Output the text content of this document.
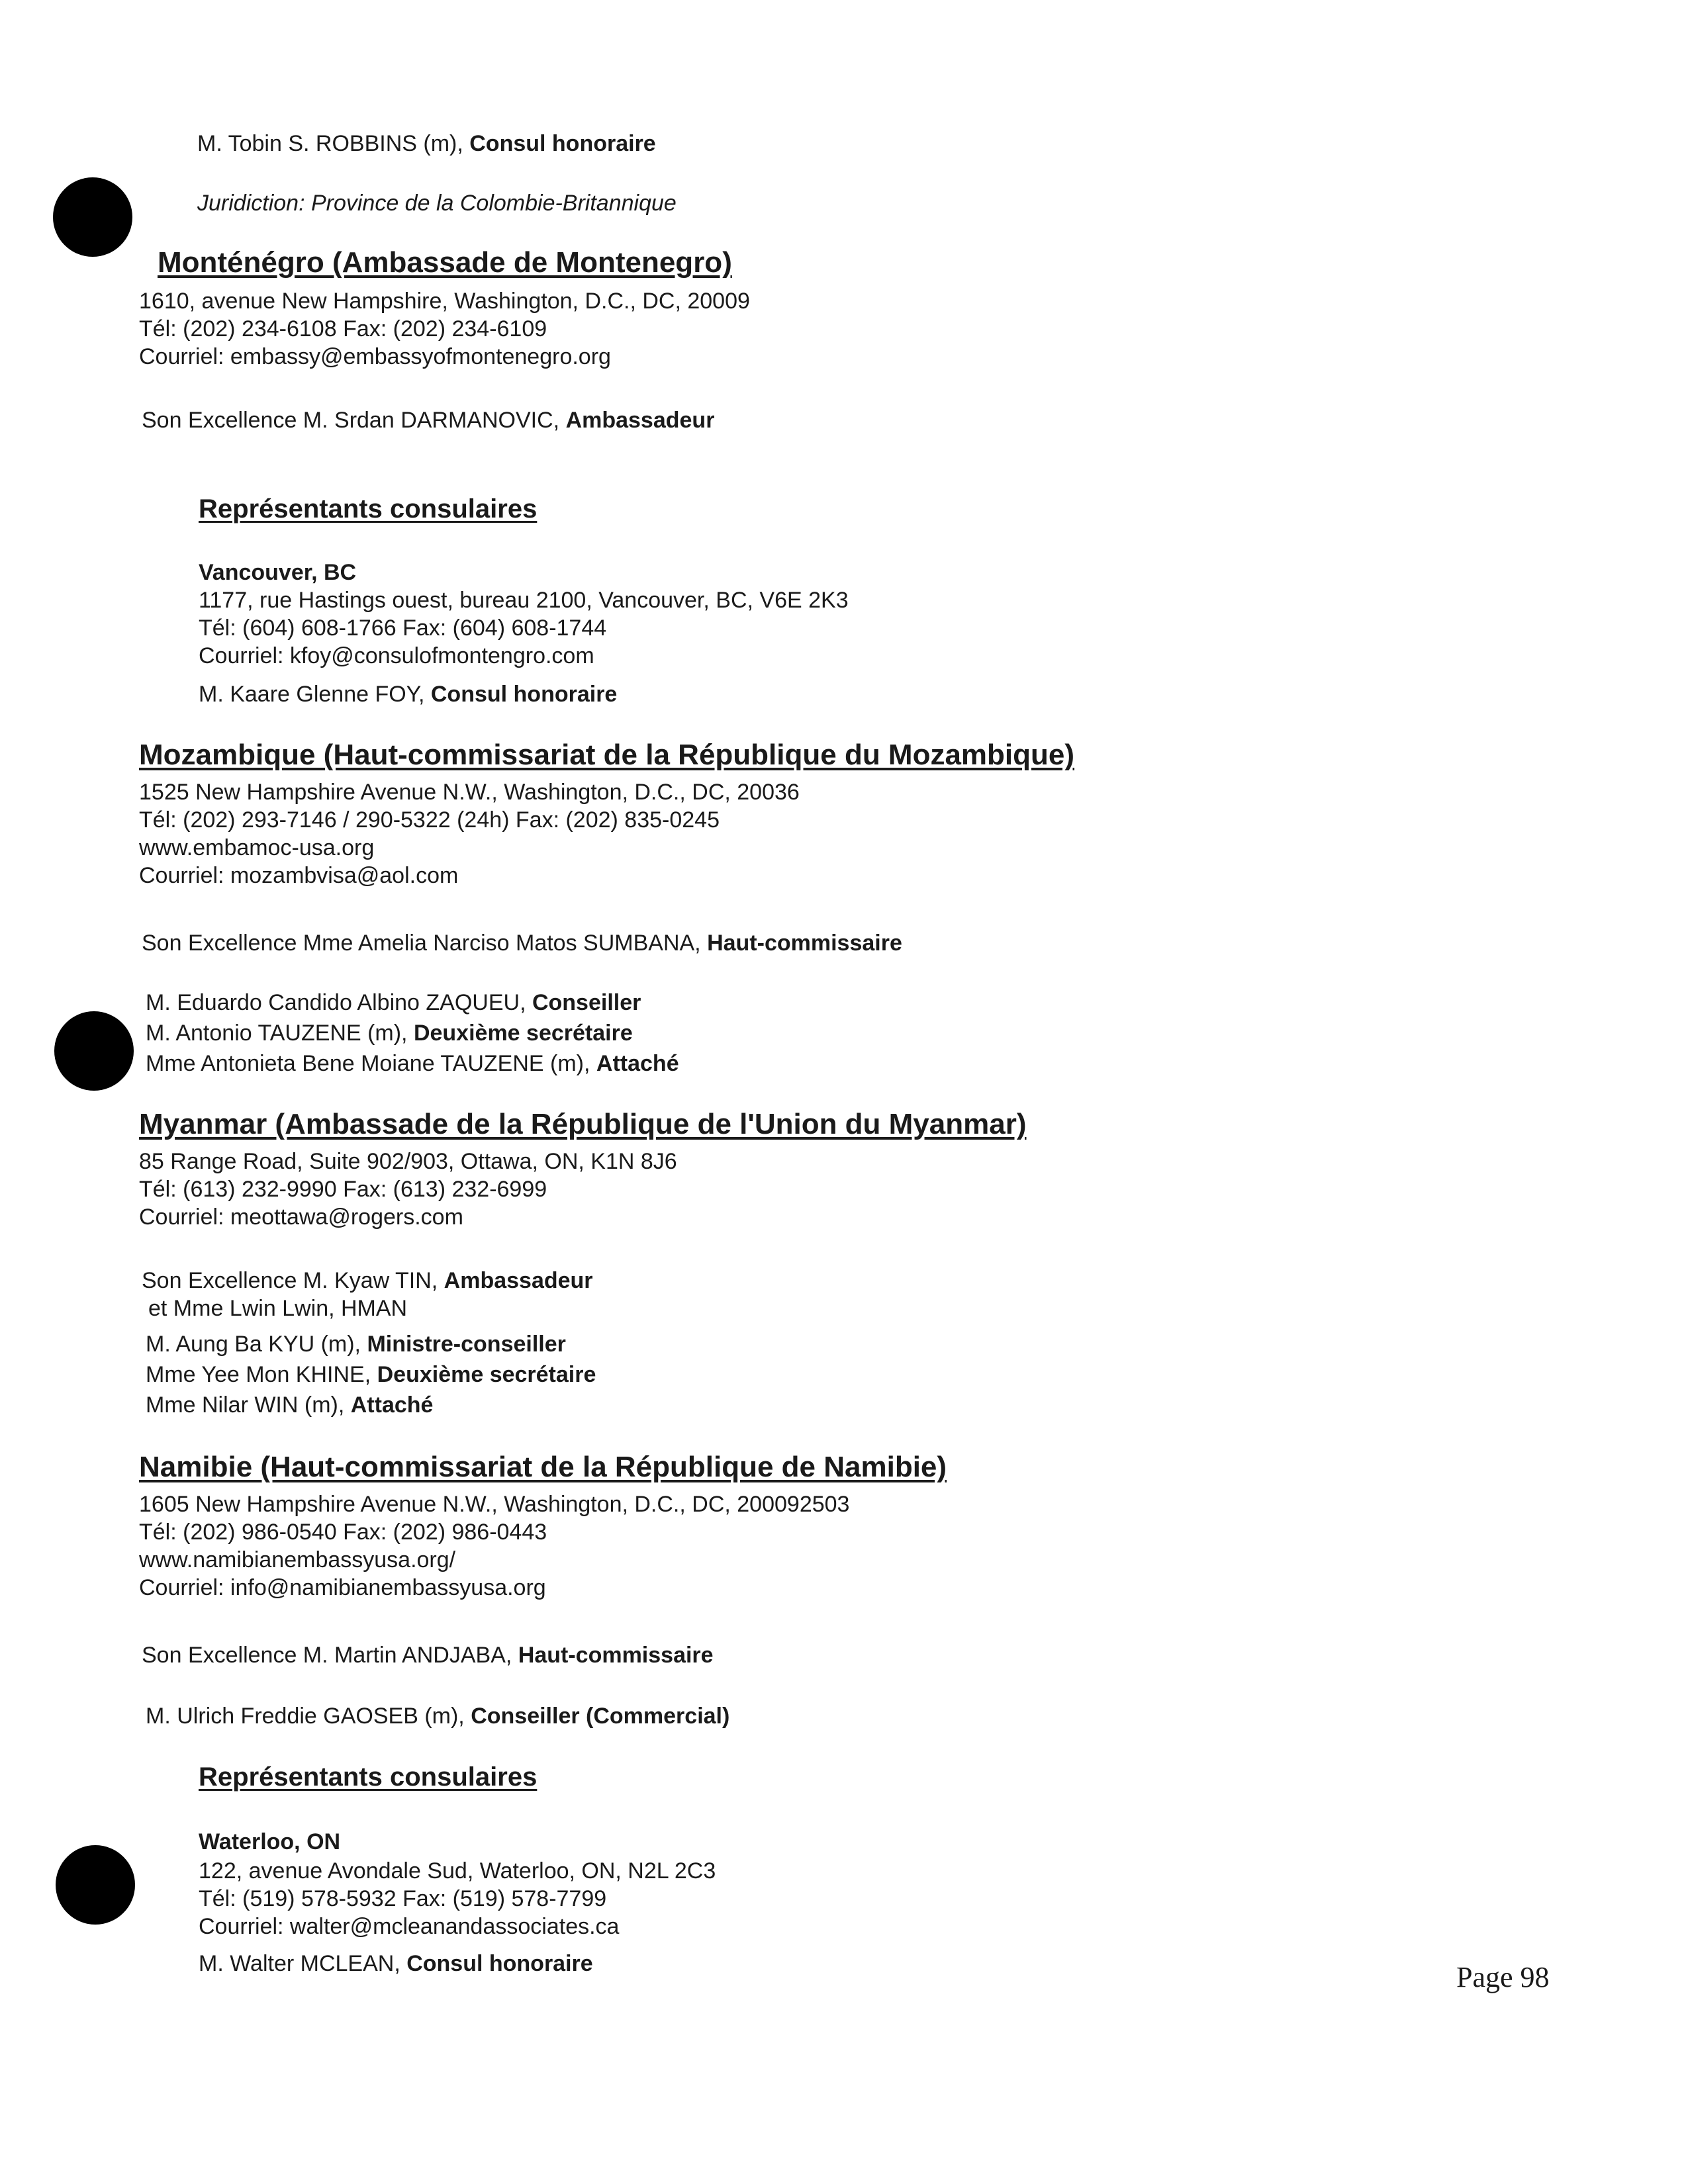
M. Tobin S. ROBBINS (m), Consul honoraire
Juridiction: Province de la Colombie-Britannique
Monténégro (Ambassade de Montenegro)
1610, avenue New Hampshire, Washington, D.C., DC, 20009
Tél: (202) 234-6108 Fax: (202) 234-6109
Courriel: embassy@embassyofmontenegro.org
Son Excellence M. Srdan DARMANOVIC, Ambassadeur
Représentants consulaires
Vancouver, BC
1177, rue Hastings ouest, bureau 2100, Vancouver, BC, V6E 2K3
Tél: (604) 608-1766 Fax: (604) 608-1744
Courriel: kfoy@consulofmontengro.com
M. Kaare Glenne FOY, Consul honoraire
Mozambique (Haut-commissariat de la République du Mozambique)
1525 New Hampshire Avenue N.W., Washington, D.C., DC, 20036
Tél: (202) 293-7146 / 290-5322 (24h) Fax: (202) 835-0245
www.embamoc-usa.org
Courriel: mozambvisa@aol.com
Son Excellence Mme Amelia Narciso Matos SUMBANA, Haut-commissaire
M. Eduardo Candido Albino ZAQUEU, Conseiller
M. Antonio TAUZENE (m), Deuxième secrétaire
Mme Antonieta Bene Moiane TAUZENE (m), Attaché
Myanmar (Ambassade de la République de l'Union du Myanmar)
85 Range Road, Suite 902/903, Ottawa, ON, K1N 8J6
Tél: (613) 232-9990 Fax: (613) 232-6999
Courriel: meottawa@rogers.com
Son Excellence M. Kyaw TIN, Ambassadeur
et Mme Lwin Lwin, HMAN
M. Aung Ba KYU (m), Ministre-conseiller
Mme Yee Mon KHINE, Deuxième secrétaire
Mme Nilar WIN (m), Attaché
Namibie (Haut-commissariat de la République de Namibie)
1605 New Hampshire Avenue N.W., Washington, D.C., DC, 200092503
Tél: (202) 986-0540 Fax: (202) 986-0443
www.namibianembassyusa.org/
Courriel: info@namibianembassyusa.org
Son Excellence M. Martin ANDJABA, Haut-commissaire
M. Ulrich Freddie GAOSEB (m), Conseiller (Commercial)
Représentants consulaires
Waterloo, ON
122, avenue Avondale Sud, Waterloo, ON, N2L 2C3
Tél: (519) 578-5932 Fax: (519) 578-7799
Courriel: walter@mcleanandassociates.ca
M. Walter MCLEAN, Consul honoraire	Page 98
